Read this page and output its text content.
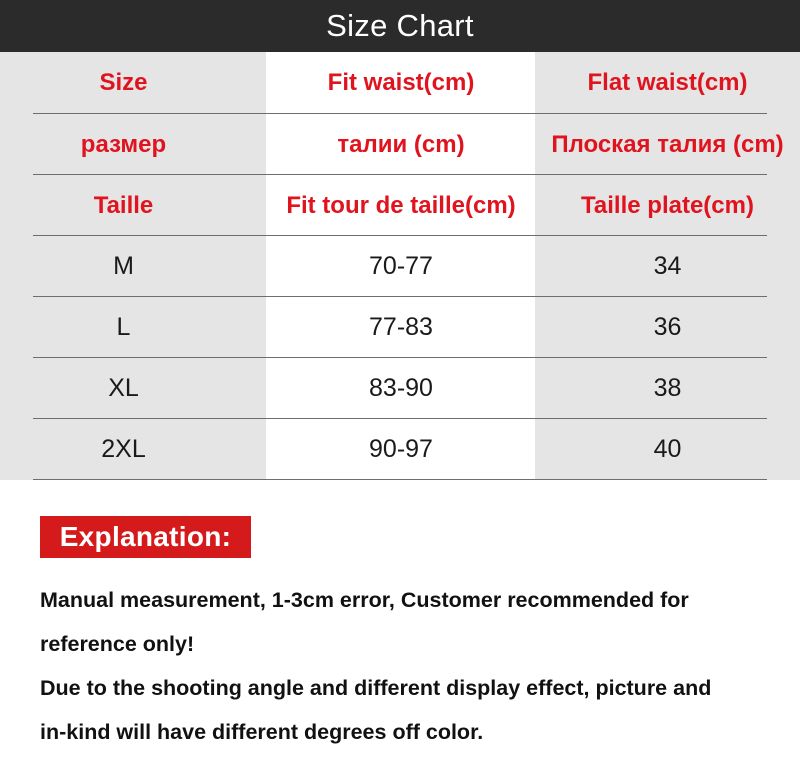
Size Chart
Size	Fit waist(cm)	Flat waist(cm)
размер	талии (cm)	Плоская талия (cm)
Taille	Fit tour de taille(cm)	Taille plate(cm)
M	70-77	34
L	77-83	36
XL	83-90	38
2XL	90-97	40
Explanation:
Manual measurement, 1-3cm error, Customer recommended for
reference only!
Due to the shooting angle and different display effect, picture and
in-kind will have different degrees off color.
